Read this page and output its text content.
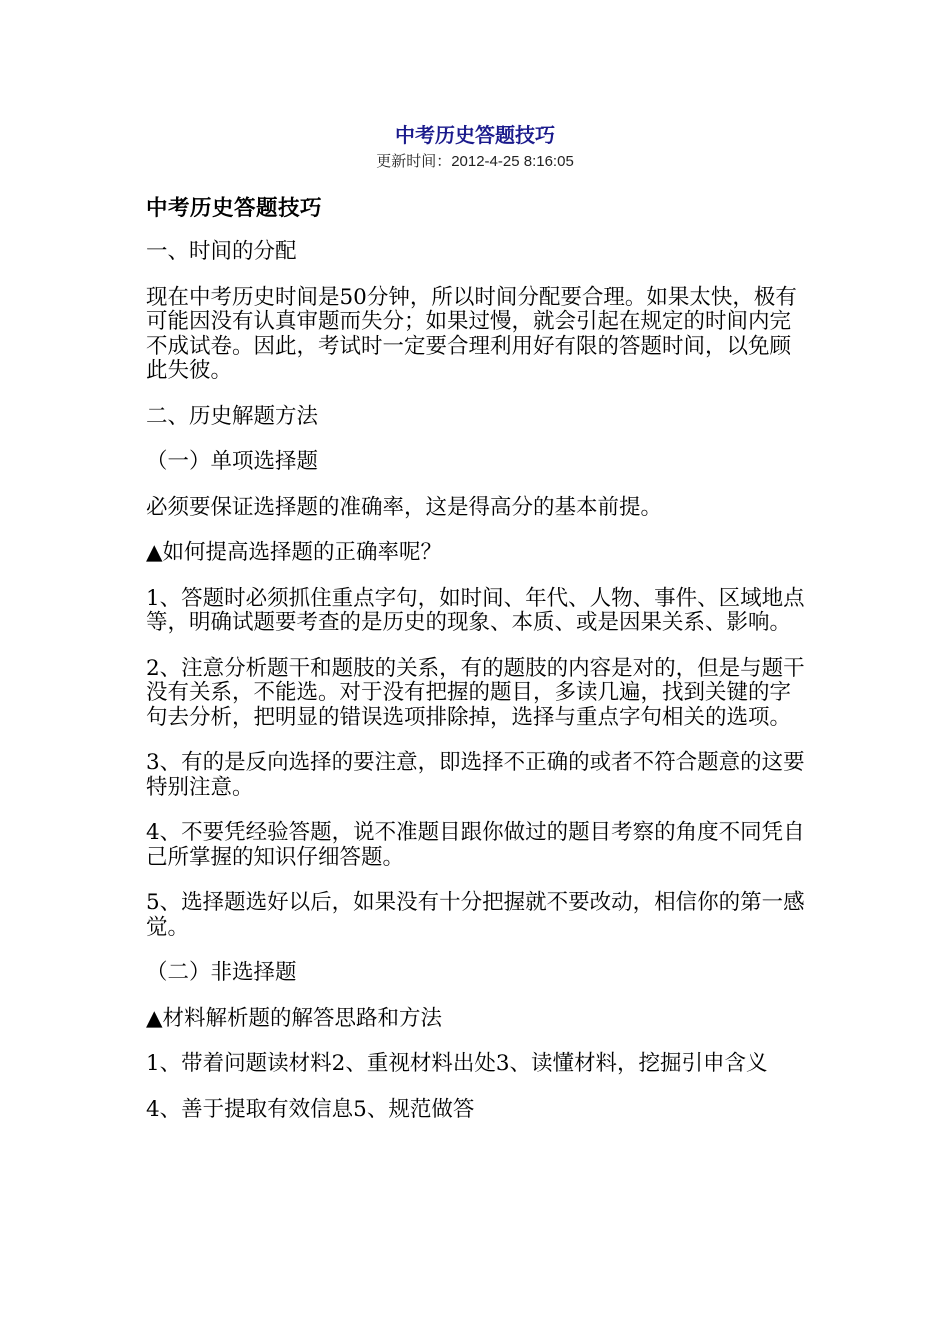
中考历史答题技巧
更新时间：2012-4-25 8:16:05
中考历史答题技巧

一、时间的分配

现在中考历史时间是50分钟，所以时间分配要合理。如果太快，极有可能因没有认真审题而失分；如果过慢，就会引起在规定的时间内完不成试卷。因此，考试时一定要合理利用好有限的答题时间，以免顾此失彼。

二、历史解题方法

（一）单项选择题

必须要保证选择题的准确率，这是得高分的基本前提。

▲如何提高选择题的正确率呢？

1、答题时必须抓住重点字句，如时间、年代、人物、事件、区域地点等，明确试题要考查的是历史的现象、本质、或是因果关系、影响。

2、注意分析题干和题肢的关系，有的题肢的内容是对的，但是与题干没有关系，不能选。对于没有把握的题目，多读几遍，找到关键的字句去分析，把明显的错误选项排除掉，选择与重点字句相关的选项。

3、有的是反向选择的要注意，即选择不正确的或者不符合题意的这要特别注意。

4、不要凭经验答题，说不准题目跟你做过的题目考察的角度不同凭自己所掌握的知识仔细答题。

5、选择题选好以后，如果没有十分把握就不要改动，相信你的第一感觉。

（二）非选择题

▲材料解析题的解答思路和方法

1、带着问题读材料2、重视材料出处3、读懂材料，挖掘引申含义

4、善于提取有效信息5、规范做答
